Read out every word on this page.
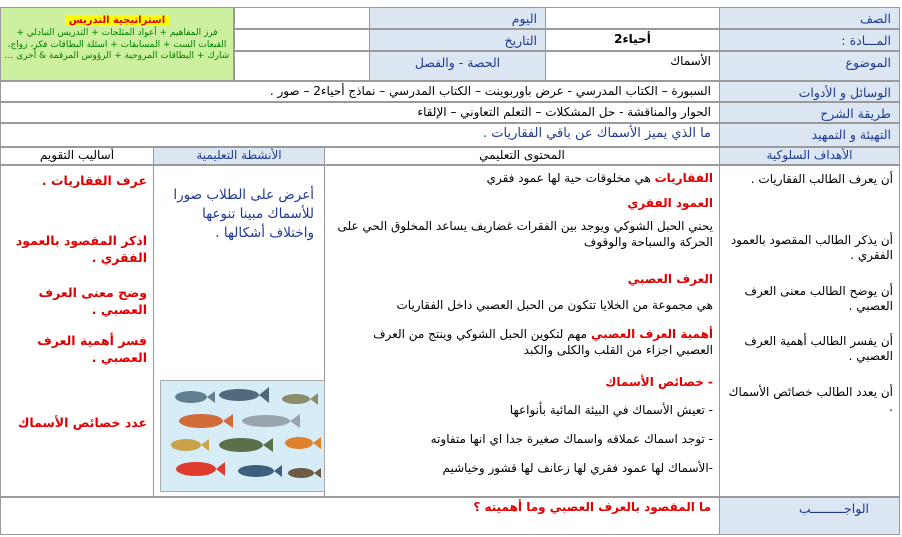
استراتيجية التدريس
فرز المفاهيم + أعواد المثلجات + التدريس التبادلي + القبعات الست + المسابقات + اسئلة البطاقات فكر، زواج، شارك + البطاقات المروحية + الرؤوس المرقمة & أخرى ...
الصف
اليوم
المـــادة :
أحياء2
التاريخ
الموضوع
الأسماك
الحصة - والفصل
الوسائل و الأدوات
السبورة – الكتاب المدرسي - عرض باوربوينت – الكتاب المدرسي – نماذج أحياء2 – صور .
طريقة الشرح
الحوار والمناقشة - حل المشكلات – التعلم التعاوني – الإلقاء
التهيئة و التمهيد
ما الذي يميز الأسماك عن باقي الفقاريات .
الأهداف السلوكية
المحتوى التعليمي
الأنشطة التعليمية
أساليب التقويم
أن يعرف الطالب الفقاريات .
أن يذكر الطالب المقصود بالعمود الفقري .
أن يوضح الطالب معنى العرف العصبي .
أن يفسر الطالب أهمية العرف العصبي .
أن يعدد الطالب خصائص الأسماك .
الفقاريات هي مخلوقات حية لها عمود فقري
العمود الفقري
يحني الحبل الشوكي ويوجد بين الفقرات غضاريف يساعد المخلوق الحي على الحركة والسباحة والوقوف
العرف العصبي
هي مجموعة من الخلايا تتكون من الحبل العصبي داخل الفقاريات
أهمية العرف العصبي مهم لتكوين الحبل الشوكي وينتج من العرف العصبي اجزاء من القلب والكلى والكبد
- خصائص الأسماك
- تعيش الأسماك في البيئة المائية بأنواعها
- توجد اسماك عملاقه واسماك صغيرة جدا اي انها متفاوته
-الأسماك لها عمود فقري لها زعانف لها قشور وخياشيم
أعرض على الطلاب صورا للأسماك مبينا تنوعها واختلاف أشكالها .
عرف الفقاريات .
اذكر المقصود بالعمود الفقري .
وضح معنى العرف العصبي .
فسر أهمية العرف العصبي .
عدد خصائص الأسماك
الواجـــــــــب
ما المقصود بالعرف العصبي وما أهميته ؟
